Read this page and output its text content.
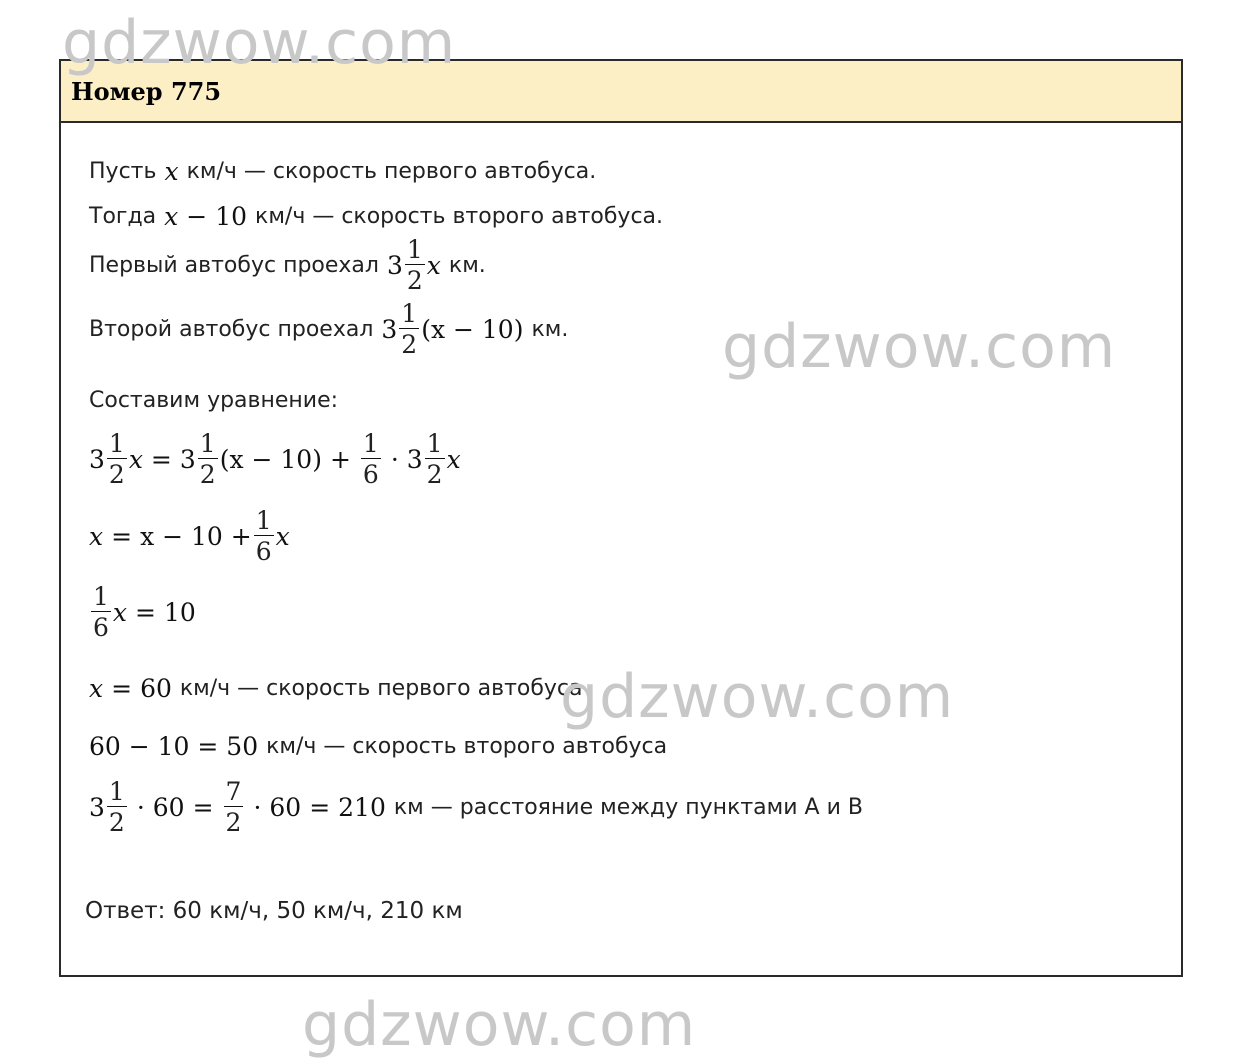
gdzwow.com
gdzwow.com
gdzwow.com
gdzwow.com
Номер 775
Пусть x км/ч — скорость первого автобуса.
Тогда x − 10 км/ч — скорость второго автобуса.
Первый автобус проехал $3 \frac{1}{2}$ x км.
Второй автобус проехал $3 \frac{1}{2} (x - 10)$ км.
Составим уравнение:
$3 \frac{1}{2}$ $x = 3 \frac{1}{2} (x - 10) + \frac{1}{6} \cdot 3 \frac{1}{2}$ x
$x = x - 10 + \frac{1}{6}$ x
$\frac{1}{6}$ x = 10
x = 60 км/ч — скорость первого автобуса
60 − 10 = 50 км/ч — скорость второго автобуса
$3 \frac{1}{2} \cdot 60 = \frac{7}{2} \cdot 60 = 210$ км — расстояние между пунктами А и В
Ответ: 60 км/ч, 50 км/ч, 210 км
